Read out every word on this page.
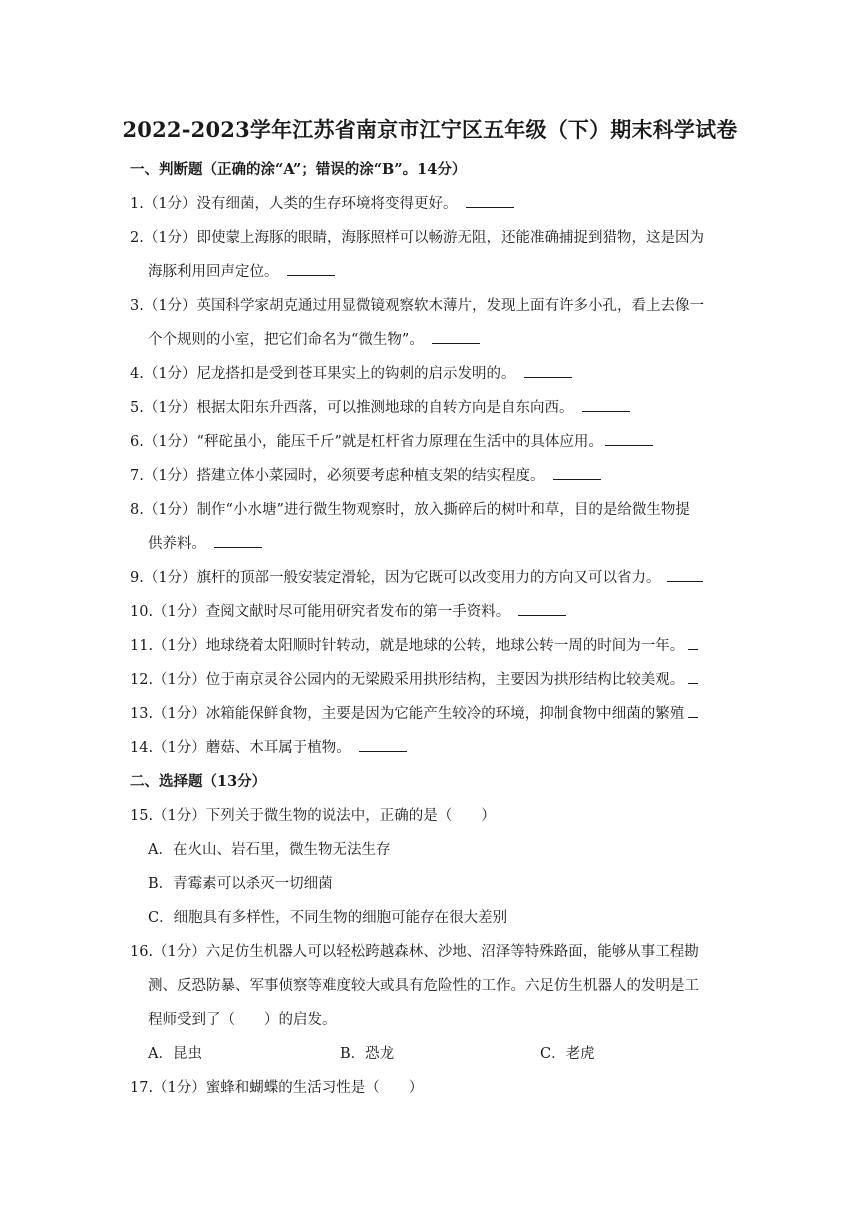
2022-2023学年江苏省南京市江宁区五年级（下）期末科学试卷
一、判断题（正确的涂“A”；错误的涂“B”。14分）
1.（1分）没有细菌，人类的生存环境将变得更好。
2.（1分）即使蒙上海豚的眼睛，海豚照样可以畅游无阻，还能准确捕捉到猎物，这是因为
海豚利用回声定位。
3.（1分）英国科学家胡克通过用显微镜观察软木薄片，发现上面有许多小孔，看上去像一
个个规则的小室，把它们命名为“微生物”。
4.（1分）尼龙搭扣是受到苍耳果实上的钩刺的启示发明的。
5.（1分）根据太阳东升西落，可以推测地球的自转方向是自东向西。
6.（1分）“秤砣虽小，能压千斤”就是杠杆省力原理在生活中的具体应用。
7.（1分）搭建立体小菜园时，必须要考虑种植支架的结实程度。
8.（1分）制作“小水塘”进行微生物观察时，放入撕碎后的树叶和草，目的是给微生物提
供养料。
9.（1分）旗杆的顶部一般安装定滑轮，因为它既可以改变用力的方向又可以省力。
10.（1分）查阅文献时尽可能用研究者发布的第一手资料。
11.（1分）地球绕着太阳顺时针转动，就是地球的公转，地球公转一周的时间为一年。
12.（1分）位于南京灵谷公园内的无梁殿采用拱形结构，主要因为拱形结构比较美观。
13.（1分）冰箱能保鲜食物，主要是因为它能产生较冷的环境，抑制食物中细菌的繁殖
14.（1分）蘑菇、木耳属于植物。
二、选择题（13分）
15.（1分）下列关于微生物的说法中，正确的是（　　）
A．在火山、岩石里，微生物无法生存
B．青霉素可以杀灭一切细菌
C．细胞具有多样性，不同生物的细胞可能存在很大差别
16.（1分）六足仿生机器人可以轻松跨越森林、沙地、沼泽等特殊路面，能够从事工程勘
测、反恐防暴、军事侦察等难度较大或具有危险性的工作。六足仿生机器人的发明是工
程师受到了（　　）的启发。
A．昆虫	B．恐龙	C．老虎
17.（1分）蜜蜂和蝴蝶的生活习性是（　　）
